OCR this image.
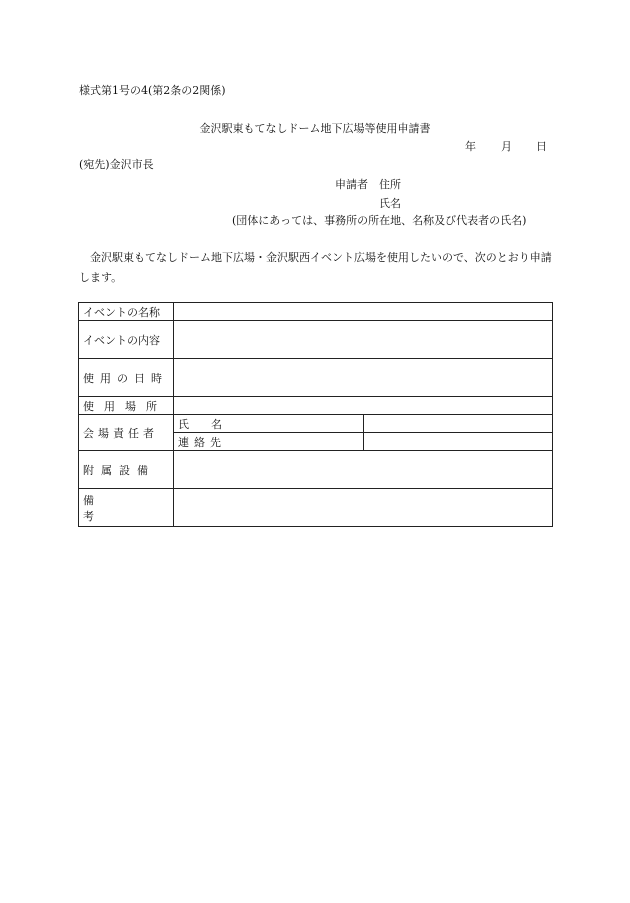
様式第1号の4(第2条の2関係)
金沢駅東もてなしドーム地下広場等使用申請書
年 月 日
(宛先)金沢市長
申請者 住所
氏名
(団体にあっては、事務所の所在地、名称及び代表者の氏名)
金沢駅東もてなしドーム地下広場・金沢駅西イベント広場を使用したいので、次のとおり申請します。
イベントの名称		
イベントの内容		

使用の日時		

使用場所		
会場責任者	氏名	
	連絡先	
附属設備		
備考		
